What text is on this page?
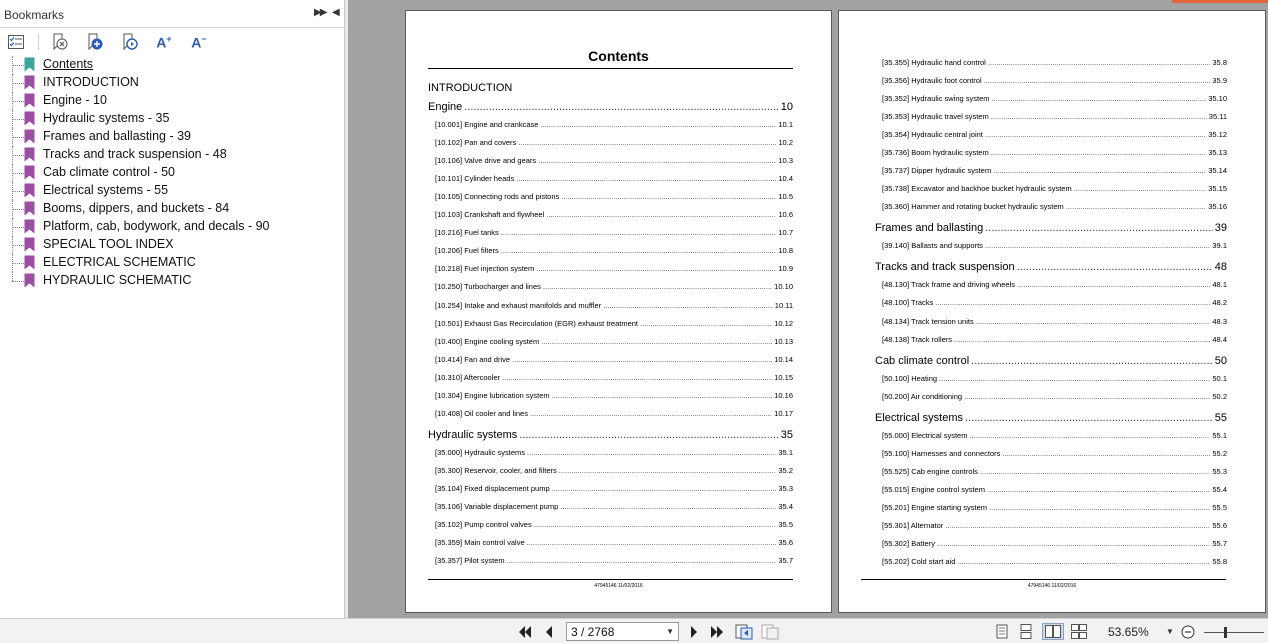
Bookmarks	▶▶ ◀
A+ A−
Contents
INTRODUCTION
Engine - 10
Hydraulic systems - 35
Frames and ballasting - 39
Tracks and track suspension - 48
Cab climate control - 50
Electrical systems - 55
Booms, dippers, and buckets - 84
Platform, cab, bodywork, and decals - 90
SPECIAL TOOL INDEX
ELECTRICAL SCHEMATIC
HYDRAULIC SCHEMATIC
Contents
INTRODUCTION
Engine .....	10
[10.001] Engine and crankcase .....	10.1
[10.102] Pan and covers .....	10.2
[10.106] Valve drive and gears .....	10.3
[10.101] Cylinder heads .....	10.4
[10.105] Connecting rods and pistons .....	10.5
[10.103] Crankshaft and flywheel .....	10.6
[10.216] Fuel tanks .....	10.7
[10.206] Fuel filters .....	10.8
[10.218] Fuel injection system .....	10.9
[10.250] Turbocharger and lines .....	10.10
[10.254] Intake and exhaust manifolds and muffler .....	10.11
[10.501] Exhaust Gas Recirculation (EGR) exhaust treatment .....	10.12
[10.400] Engine cooling system .....	10.13
[10.414] Fan and drive .....	10.14
[10.310] Aftercooler .....	10.15
[10.304] Engine lubrication system .....	10.16
[10.408] Oil cooler and lines .....	10.17
Hydraulic systems .....	35
[35.000] Hydraulic systems .....	35.1
[35.300] Reservoir, cooler, and filters .....	35.2
[35.104] Fixed displacement pump .....	35.3
[35.106] Variable displacement pump .....	35.4
[35.102] Pump control valves .....	35.5
[35.359] Main control valve .....	35.6
[35.357] Pilot system .....	35.7
47945146 11/02/2016
[35.355] Hydraulic hand control .....	35.8
[35.356] Hydraulic foot control .....	35.9
[35.352] Hydraulic swing system .....	35.10
[35.353] Hydraulic travel system .....	35.11
[35.354] Hydraulic central joint .....	35.12
[35.736] Boom hydraulic system .....	35.13
[35.737] Dipper hydraulic system .....	35.14
[35.738] Excavator and backhoe bucket hydraulic system .....	35.15
[35.360] Hammer and rotating bucket hydraulic system .....	35.16
Frames and ballasting .....	39
[39.140] Ballasts and supports .....	39.1
Tracks and track suspension .....	48
[48.130] Track frame and driving wheels .....	48.1
[48.100] Tracks .....	48.2
[48.134] Track tension units .....	48.3
[48.138] Track rollers .....	48.4
Cab climate control .....	50
[50.100] Heating .....	50.1
[50.200] Air conditioning .....	50.2
Electrical systems .....	55
[55.000] Electrical system .....	55.1
[55.100] Harnesses and connectors .....	55.2
[55.525] Cab engine controls .....	55.3
[55.015] Engine control system .....	55.4
[55.201] Engine starting system .....	55.5
[55.301] Alternator .....	55.6
[55.302] Battery .....	55.7
[55.202] Cold start aid .....	55.8
47945146 11/02/2016
3 / 2768	▼	53.65% ▼
